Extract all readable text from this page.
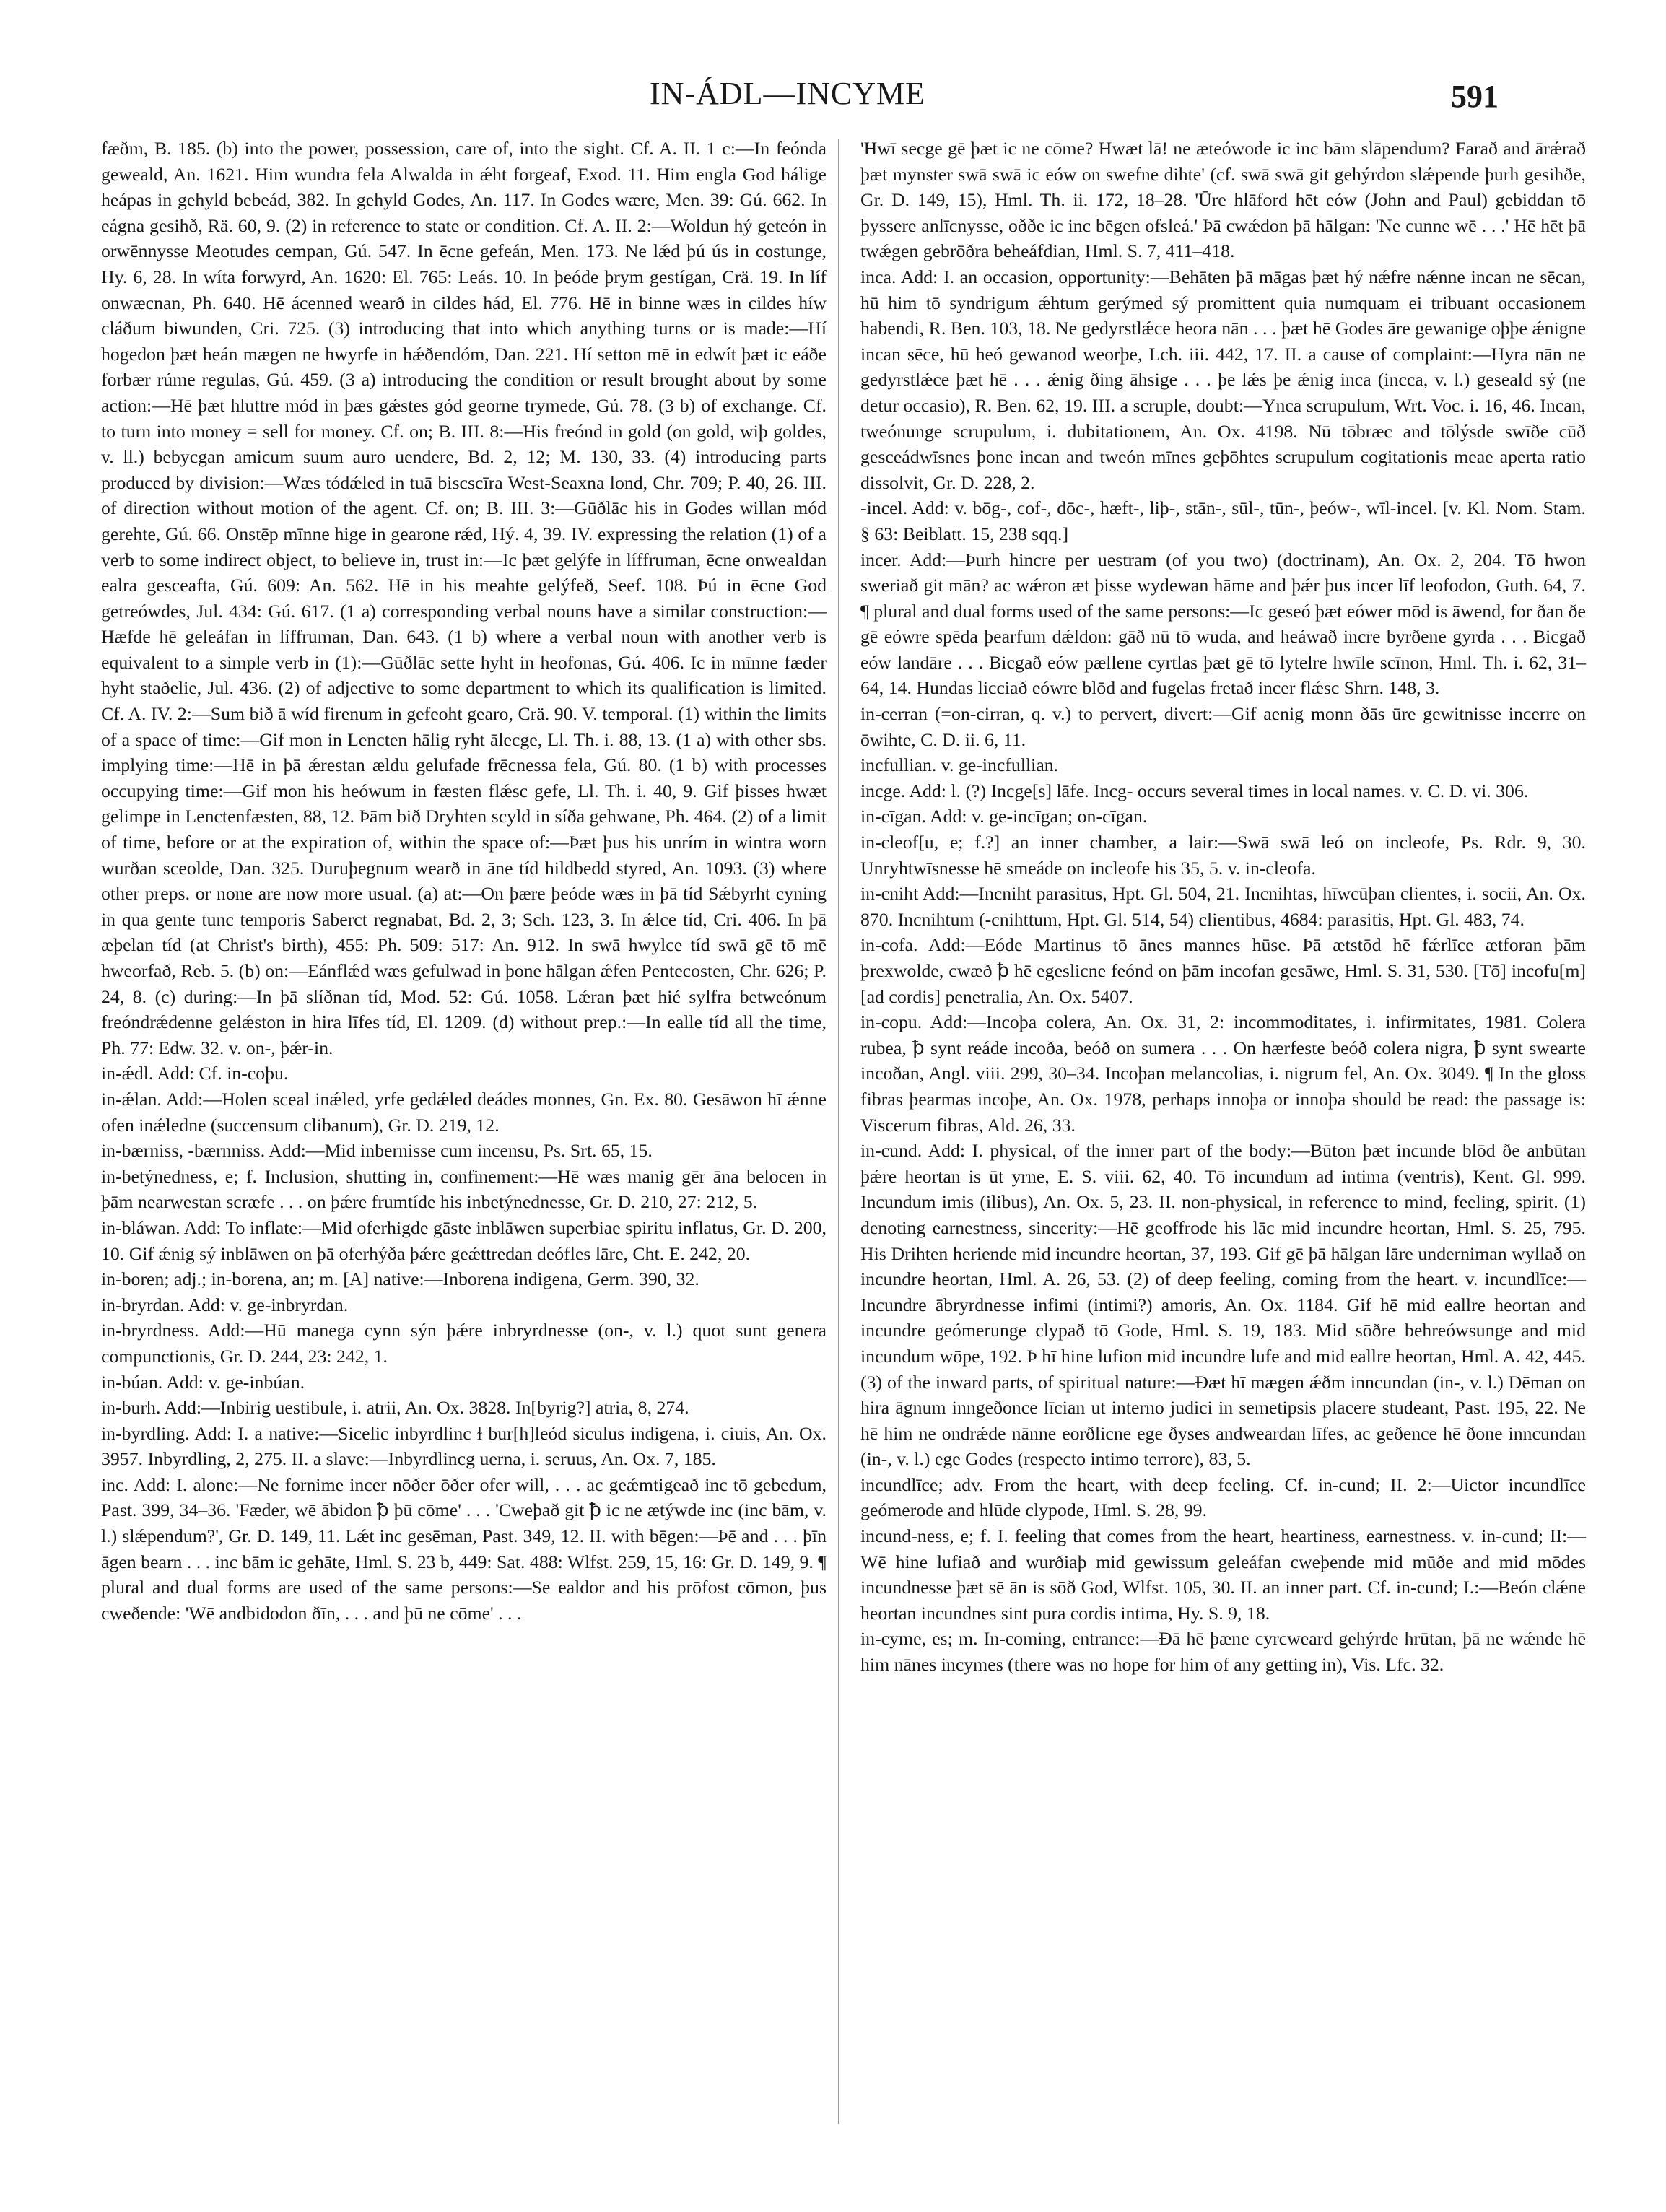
IN-ÁDL—INCYME	591

fæðm, B. 185. (b) into the power, possession, care of, into the sight. Cf. A. II. 1 c:—In feónda geweald, An. 1621. Him wundra fela Alwalda in ǽht forgeaf, Exod. 11. Him engla God hálige heápas in gehyld bebeád, 382. In gehyld Godes, An. 117. In Godes wære, Men. 39: Gú. 662. In eágna gesihð, Rä. 60, 9. (2) in reference to state or condition. Cf. A. II. 2:—Woldun hý geteón in orwēnnysse Meotudes cempan, Gú. 547. In ēcne gefeán, Men. 173. Ne lǽd þú ús in costunge, Hy. 6, 28. In wíta forwyrd, An. 1620: El. 765: Leás. 10. In þeóde þrym gestígan, Crä. 19. In líf onwæcnan, Ph. 640. Hē ácenned wearð in cildes hád, El. 776. Hē in binne wæs in cildes híw cláðum biwunden, Cri. 725. (3) introducing that into which anything turns or is made:—Hí hogedon þæt heán mægen ne hwyrfe in hǽðendóm, Dan. 221. Hí setton mē in edwít þæt ic eáðe forbær rúme regulas, Gú. 459. (3 a) introducing the condition or result brought about by some action:—Hē þæt hluttre mód in þæs gǽstes gód georne trymede, Gú. 78. (3 b) of exchange. Cf. to turn into money = sell for money. Cf. on; B. III. 8:—His freónd in gold (on gold, wiþ goldes, v. ll.) bebycgan amicum suum auro uendere, Bd. 2, 12; M. 130, 33. (4) introducing parts produced by division:—Wæs tódǽled in tuā biscscīra West-Seaxna lond, Chr. 709; P. 40, 26. III. of direction without motion of the agent. Cf. on; B. III. 3:—Gūðlāc his in Godes willan mód gerehte, Gú. 66. Onstēp mīnne hige in gearone rǽd, Hý. 4, 39. IV. expressing the relation (1) of a verb to some indirect object, to believe in, trust in:—Ic þæt gelýfe in líffruman, ēcne onwealdan ealra gesceafta, Gú. 609: An. 562. Hē in his meahte gelýfeð, Seef. 108. Þú in ēcne God getreówdes, Jul. 434: Gú. 617. (1 a) corresponding verbal nouns have a similar construction:—Hæfde hē geleáfan in líffruman, Dan. 643. (1 b) where a verbal noun with another verb is equivalent to a simple verb in (1):—Gūðlāc sette hyht in heofonas, Gú. 406. Ic in mīnne fæder hyht staðelie, Jul. 436. (2) of adjective to some department to which its qualification is limited. Cf. A. IV. 2:—Sum bið ā wíd firenum in gefeoht gearo, Crä. 90. V. temporal. (1) within the limits of a space of time:—Gif mon in Lencten hālig ryht ālecge, Ll. Th. i. 88, 13. (1 a) with other sbs. implying time:—Hē in þā ǽrestan ældu gelufade frēcnessa fela, Gú. 80. (1 b) with processes occupying time:—Gif mon his heówum in fæsten flǽsc gefe, Ll. Th. i. 40, 9. Gif þisses hwæt gelimpe in Lenctenfæsten, 88, 12. Þām bið Dryhten scyld in síða gehwane, Ph. 464. (2) of a limit of time, before or at the expiration of, within the space of:—Þæt þus his unrím in wintra worn wurðan sceolde, Dan. 325. Duruþegnum wearð in āne tíd hildbedd styred, An. 1093. (3) where other preps. or none are now more usual. (a) at:—On þære þeóde wæs in þā tíd Sǽbyrht cyning in qua gente tunc temporis Saberct regnabat, Bd. 2, 3; Sch. 123, 3. In ǽlce tíd, Cri. 406. In þā æþelan tíd (at Christ's birth), 455: Ph. 509: 517: An. 912. In swā hwylce tíd swā gē tō mē hweorfað, Reb. 5. (b) on:—Eánflǽd wæs gefulwad in þone hālgan ǽfen Pentecosten, Chr. 626; P. 24, 8. (c) during:—In þā slíðnan tíd, Mod. 52: Gú. 1058. Lǽran þæt hié sylfra betweónum freóndrǽdenne gelǽston in hira līfes tíd, El. 1209. (d) without prep.:—In ealle tíd all the time, Ph. 77: Edw. 32. v. on-, þǽr-in.

in-ǽdl. Add: Cf. in-coþu.

in-ǽlan. Add:—Holen sceal inǽled, yrfe gedǽled deádes monnes, Gn. Ex. 80. Gesāwon hī ǽnne ofen inǽledne (succensum clibanum), Gr. D. 219, 12.

in-bærniss, -bærnniss. Add:—Mid inbernisse cum incensu, Ps. Srt. 65, 15.

in-betýnedness, e; f. Inclusion, shutting in, confinement:—Hē wæs manig gēr āna belocen in þām nearwestan scræfe . . . on þǽre frumtíde his inbetýnednesse, Gr. D. 210, 27: 212, 5.

in-bláwan. Add: To inflate:—Mid oferhigde gāste inblāwen superbiae spiritu inflatus, Gr. D. 200, 10. Gif ǽnig sý inblāwen on þā oferhýða þǽre geǽttredan deófles lāre, Cht. E. 242, 20.

in-boren; adj.; in-borena, an; m. [A] native:—Inborena indigena, Germ. 390, 32.

in-bryrdan. Add: v. ge-inbryrdan.

in-bryrdness. Add:—Hū manega cynn sýn þǽre inbryrdnesse (on-, v. l.) quot sunt genera compunctionis, Gr. D. 244, 23: 242, 1.

in-búan. Add: v. ge-inbúan.

in-burh. Add:—Inbirig uestibule, i. atrii, An. Ox. 3828. In[byrig?] atria, 8, 274.

in-byrdling. Add: I. a native:—Sicelic inbyrdlinc ɫ bur[h]leód siculus indigena, i. ciuis, An. Ox. 3957. Inbyrdling, 2, 275. II. a slave:—Inbyrdlincg uerna, i. seruus, An. Ox. 7, 185.

inc. Add: I. alone:—Ne fornime incer nōðer ōðer ofer will, . . . ac geǽmtigeað inc tō gebedum, Past. 399, 34–36. 'Fæder, wē ābidon ꝥ þū cōme' . . . 'Cweþað git ꝥ ic ne ætýwde inc (inc bām, v. l.) slǽpendum?', Gr. D. 149, 11. Lǽt inc gesēman, Past. 349, 12. II. with bēgen:—Þē and . . . þīn āgen bearn . . . inc bām ic gehāte, Hml. S. 23 b, 449: Sat. 488: Wlfst. 259, 15, 16: Gr. D. 149, 9. ¶ plural and dual forms are used of the same persons:—Se ealdor and his prōfost cōmon, þus cweðende: 'Wē andbidodon ðīn, . . . and þū ne cōme' . . .

'Hwī secge gē þæt ic ne cōme? Hwæt lā! ne æteówode ic inc bām slāpendum? Farað and ārǽrað þæt mynster swā swā ic eów on swefne dihte' (cf. swā swā git gehýrdon slǽpende þurh gesihðe, Gr. D. 149, 15), Hml. Th. ii. 172, 18–28. 'Ūre hlāford hēt eów (John and Paul) gebiddan tō þyssere anlīcnysse, oððe ic inc bēgen ofsleá.' Þā cwǽdon þā hālgan: 'Ne cunne wē . . .' Hē hēt þā twǽgen gebrōðra beheáfdian, Hml. S. 7, 411–418.

inca. Add: I. an occasion, opportunity:—Behāten þā māgas þæt hý nǽfre nǽnne incan ne sēcan, hū him tō syndrigum ǽhtum gerýmed sý promittent quia numquam ei tribuant occasionem habendi, R. Ben. 103, 18. Ne gedyrstlǽce heora nān . . . þæt hē Godes āre gewanige oþþe ǽnigne incan sēce, hū heó gewanod weorþe, Lch. iii. 442, 17. II. a cause of complaint:—Hyra nān ne gedyrstlǽce þæt hē . . . ǽnig ðing āhsige . . . þe lǽs þe ǽnig inca (incca, v. l.) geseald sý (ne detur occasio), R. Ben. 62, 19. III. a scruple, doubt:—Ynca scrupulum, Wrt. Voc. i. 16, 46. Incan, tweónunge scrupulum, i. dubitationem, An. Ox. 4198. Nū tōbræc and tōlýsde swīðe cūð gesceádwīsnes þone incan and tweón mīnes geþōhtes scrupulum cogitationis meae aperta ratio dissolvit, Gr. D. 228, 2.

-incel. Add: v. bōg-, cof-, dōc-, hæft-, liþ-, stān-, sūl-, tūn-, þeów-, wīl-incel. [v. Kl. Nom. Stam. § 63: Beiblatt. 15, 238 sqq.]

incer. Add:—Þurh hincre per uestram (of you two) (doctrinam), An. Ox. 2, 204. Tō hwon sweriað git mān? ac wǽron æt þisse wydewan hāme and þǽr þus incer līf leofodon, Guth. 64, 7. ¶ plural and dual forms used of the same persons:—Ic geseó þæt eówer mōd is āwend, for ðan ðe gē eówre spēda þearfum dǽldon: gāð nū tō wuda, and heáwað incre byrðene gyrda . . . Bicgað eów landāre . . . Bicgað eów pællene cyrtlas þæt gē tō lytelre hwīle scīnon, Hml. Th. i. 62, 31–64, 14. Hundas licciað eówre blōd and fugelas fretað incer flǽsc Shrn. 148, 3.

in-cerran (=on-cirran, q. v.) to pervert, divert:—Gif aenig monn ðās ūre gewitnisse incerre on ōwihte, C. D. ii. 6, 11.

incfullian. v. ge-incfullian.

incge. Add: l. (?) Incge[s] lāfe. Incg- occurs several times in local names. v. C. D. vi. 306.

in-cīgan. Add: v. ge-incīgan; on-cīgan.

in-cleof[u, e; f.?] an inner chamber, a lair:—Swā swā leó on incleofe, Ps. Rdr. 9, 30. Unryhtwīsnesse hē smeáde on incleofe his 35, 5. v. in-cleofa.

in-cniht Add:—Incniht parasitus, Hpt. Gl. 504, 21. Incnihtas, hīwcūþan clientes, i. socii, An. Ox. 870. Incnihtum (-cnihttum, Hpt. Gl. 514, 54) clientibus, 4684: parasitis, Hpt. Gl. 483, 74.

in-cofa. Add:—Eóde Martinus tō ānes mannes hūse. Þā ætstōd hē fǽrlīce ætforan þām þrexwolde, cwæð ꝥ hē egeslicne feónd on þām incofan gesāwe, Hml. S. 31, 530. [Tō] incofu[m] [ad cordis] penetralia, An. Ox. 5407.

in-copu. Add:—Incoþa colera, An. Ox. 31, 2: incommoditates, i. infirmitates, 1981. Colera rubea, ꝥ synt reáde incoða, beóð on sumera . . . On hærfeste beóð colera nigra, ꝥ synt swearte incoðan, Angl. viii. 299, 30–34. Incoþan melancolias, i. nigrum fel, An. Ox. 3049. ¶ In the gloss fibras þearmas incoþe, An. Ox. 1978, perhaps innoþa or innoþa should be read: the passage is: Viscerum fibras, Ald. 26, 33.

in-cund. Add: I. physical, of the inner part of the body:—Būton þæt incunde blōd ðe anbūtan þǽre heortan is ūt yrne, E. S. viii. 62, 40. Tō incundum ad intima (ventris), Kent. Gl. 999. Incundum imis (ilibus), An. Ox. 5, 23. II. non-physical, in reference to mind, feeling, spirit. (1) denoting earnestness, sincerity:—Hē geoffrode his lāc mid incundre heortan, Hml. S. 25, 795. His Drihten heriende mid incundre heortan, 37, 193. Gif gē þā hālgan lāre underniman wyllað on incundre heortan, Hml. A. 26, 53. (2) of deep feeling, coming from the heart. v. incundlīce:—Incundre ābryrdnesse infimi (intimi?) amoris, An. Ox. 1184. Gif hē mid eallre heortan and incundre geómerunge clypað tō Gode, Hml. S. 19, 183. Mid sōðre behreówsunge and mid incundum wōpe, 192. Þ hī hine lufion mid incundre lufe and mid eallre heortan, Hml. A. 42, 445. (3) of the inward parts, of spiritual nature:—Ðæt hī mægen ǽðm inncundan (in-, v. l.) Dēman on hira āgnum inngeðonce līcian ut interno judici in semetipsis placere studeant, Past. 195, 22. Ne hē him ne ondrǽde nānne eorðlicne ege ðyses andweardan līfes, ac geðence hē ðone inncundan (in-, v. l.) ege Godes (respecto intimo terrore), 83, 5.

incundlīce; adv. From the heart, with deep feeling. Cf. in-cund; II. 2:—Uictor incundlīce geómerode and hlūde clypode, Hml. S. 28, 99.

incund-ness, e; f. I. feeling that comes from the heart, heartiness, earnestness. v. in-cund; II:—Wē hine lufiað and wurðiaþ mid gewissum geleáfan cweþende mid mūðe and mid mōdes incundnesse þæt sē ān is sōð God, Wlfst. 105, 30. II. an inner part. Cf. in-cund; I.:—Beón clǽne heortan incundnes sint pura cordis intima, Hy. S. 9, 18.

in-cyme, es; m. In-coming, entrance:—Ðā hē þæne cyrcweard gehýrde hrūtan, þā ne wǽnde hē him nānes incymes (there was no hope for him of any getting in), Vis. Lfc. 32.
